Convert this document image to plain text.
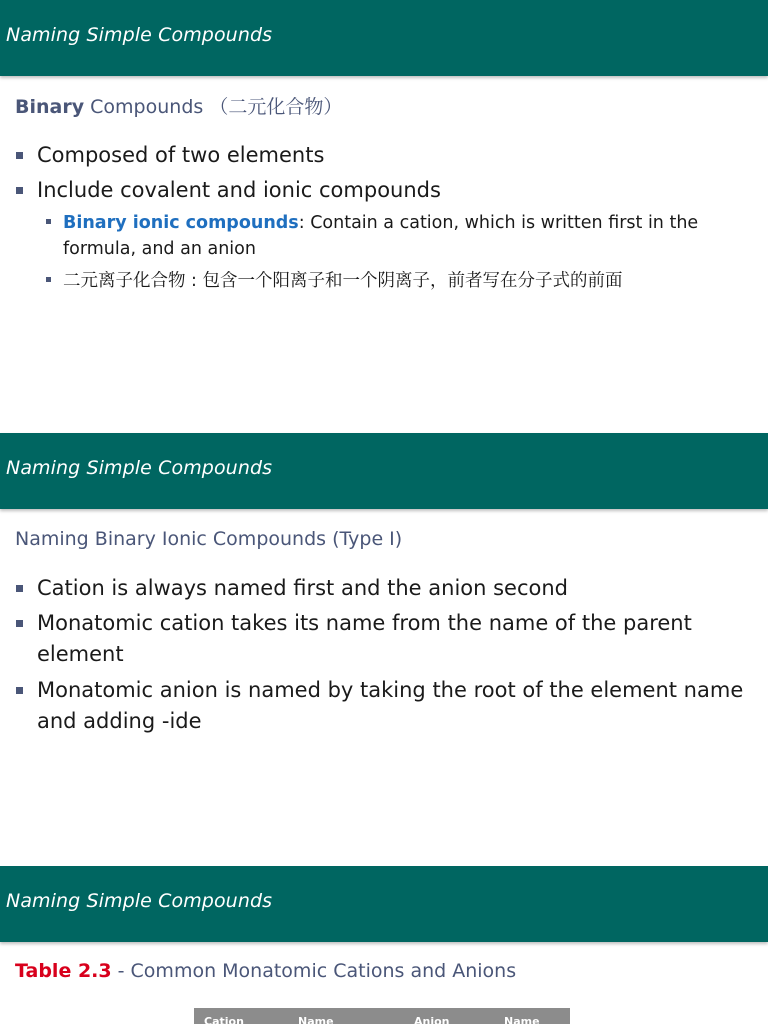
Naming Simple Compounds
Binary Compounds （二元化合物）
Composed of two elements
Include covalent and ionic compounds
Binary ionic compounds: Contain a cation, which is written first in the formula, and an anion
二元离子化合物 : 包含一个阳离子和一个阴离子，前者写在分子式的前面
Naming Simple Compounds
Naming Binary Ionic Compounds (Type I)
Cation is always named first and the anion second
Monatomic cation takes its name from the name of the parent element
Monatomic anion is named by taking the root of the element name and adding -ide
Naming Simple Compounds
Table 2.3 - Common Monatomic Cations and Anions
Cation	Name	Anion	Name
